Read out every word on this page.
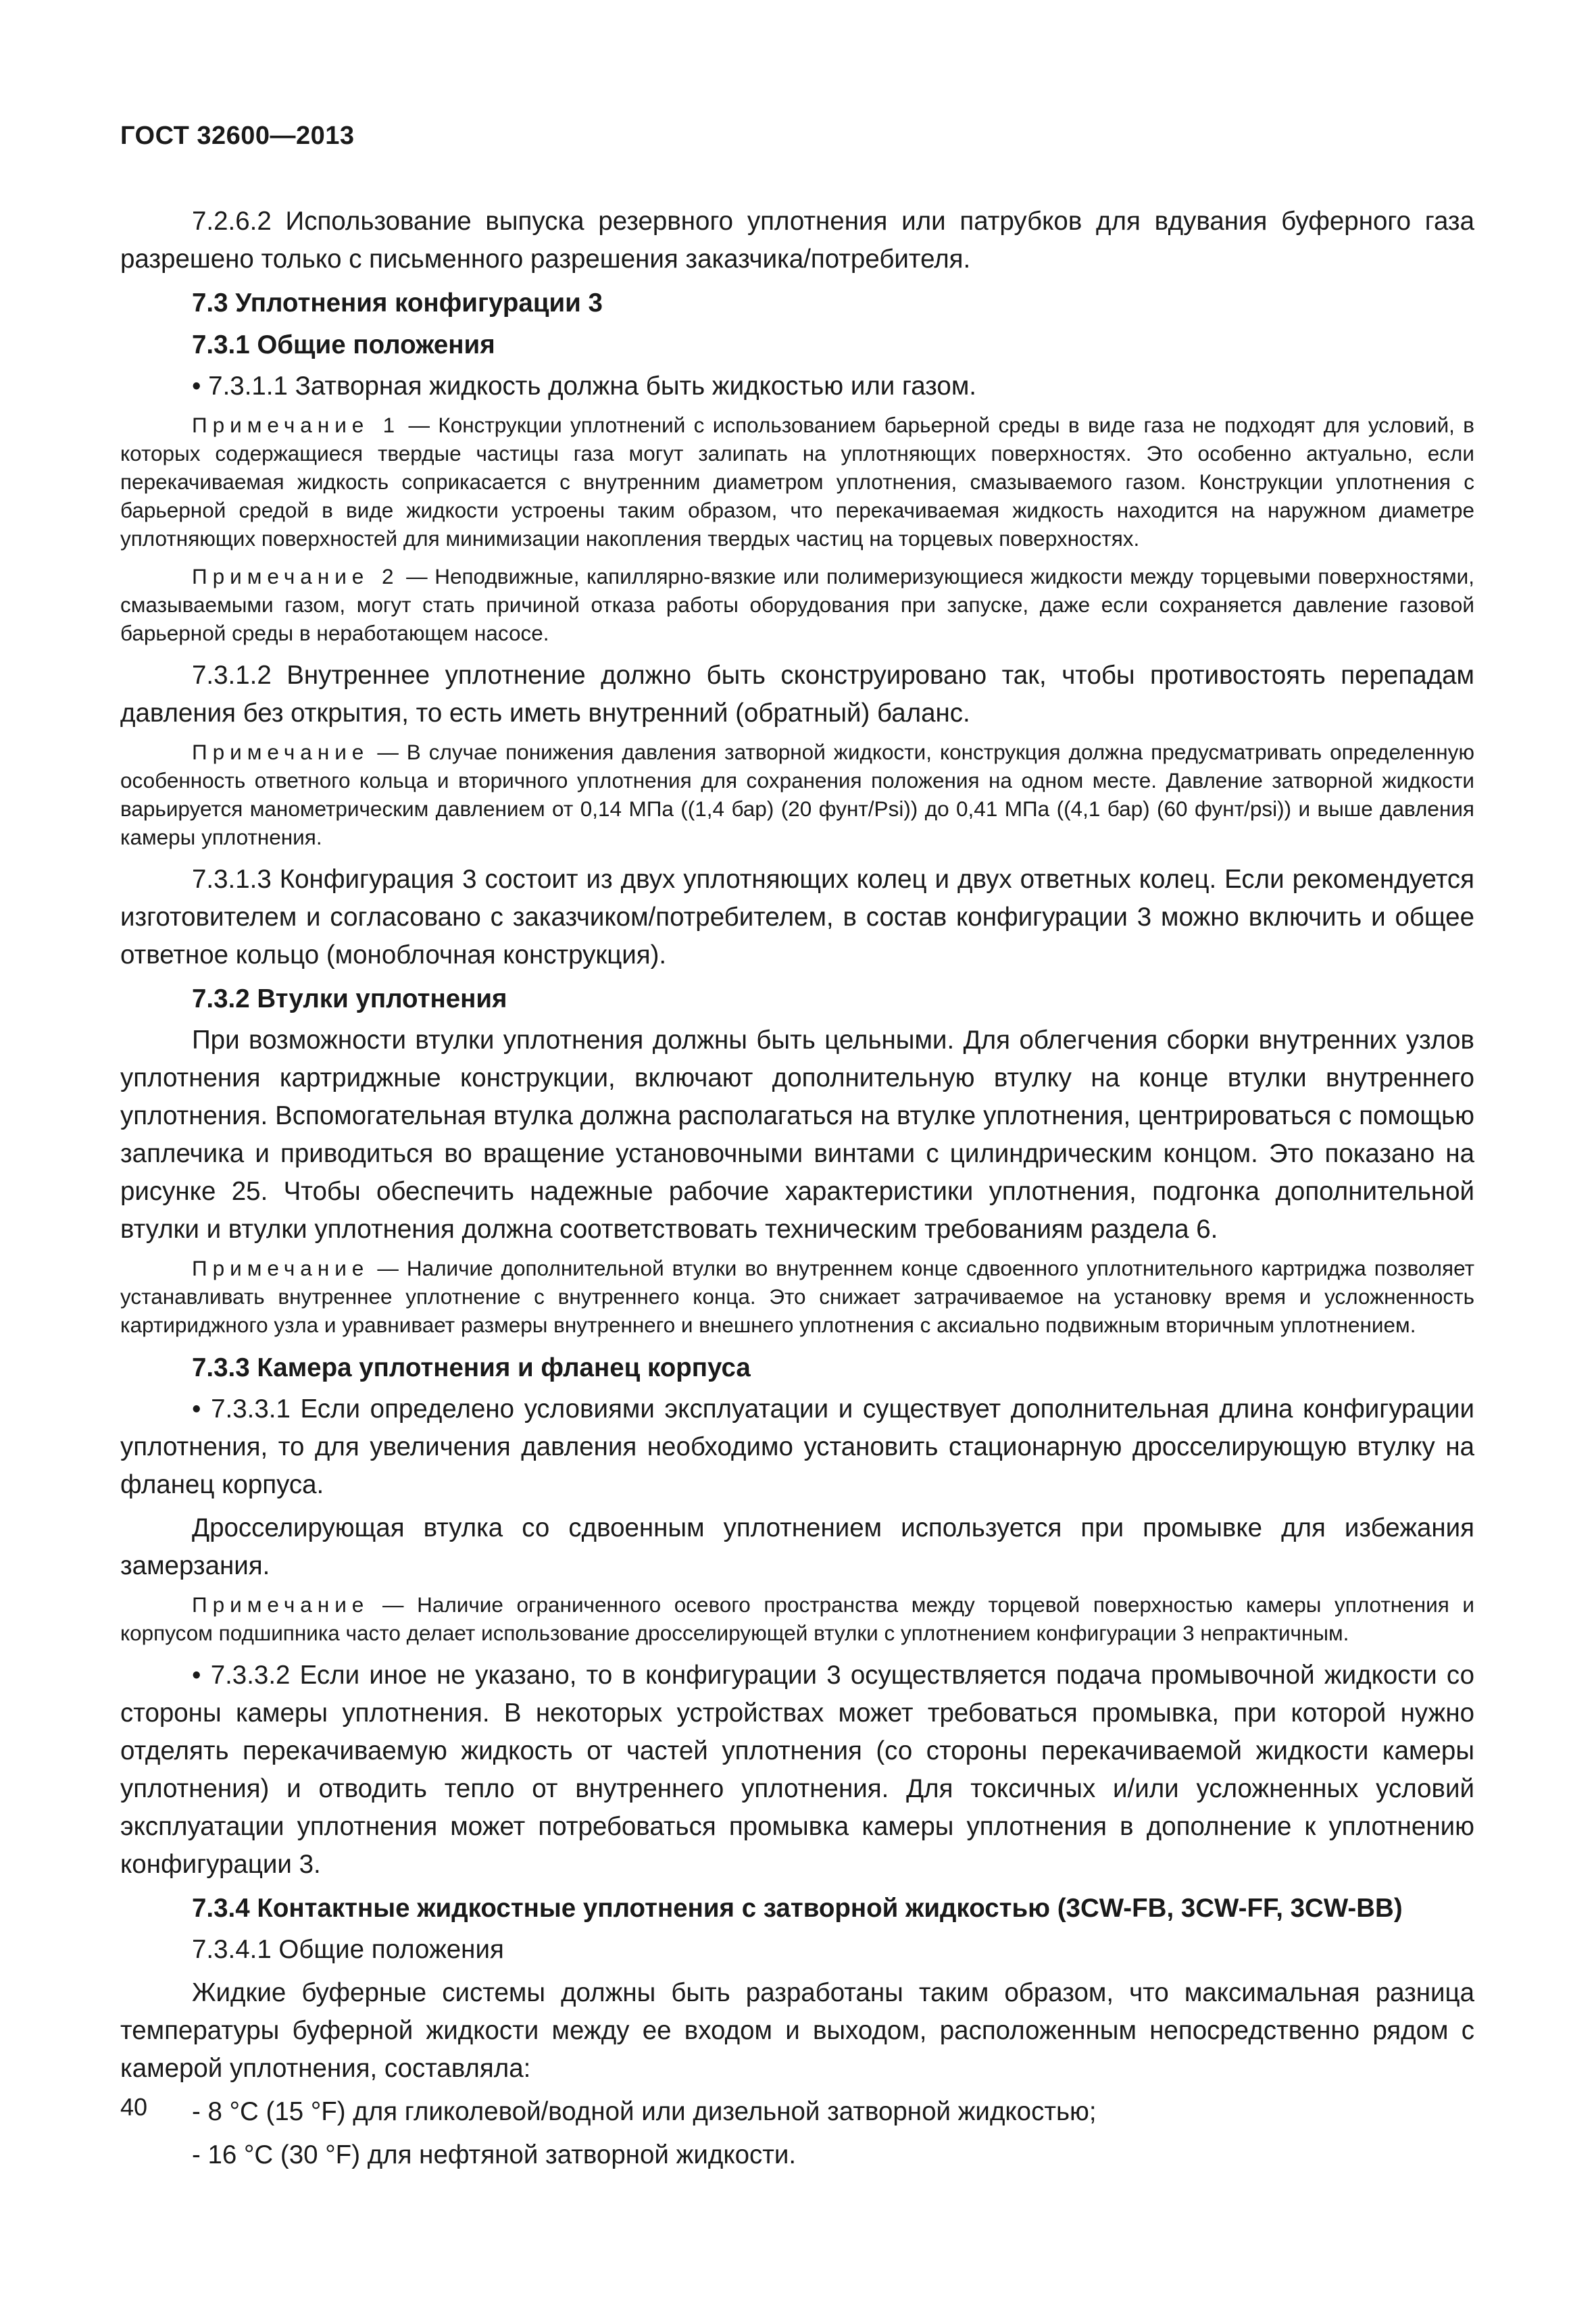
ГОСТ 32600—2013

7.2.6.2 Использование выпуска резервного уплотнения или патрубков для вдувания буферного газа разрешено только с письменного разрешения заказчика/потребителя.

7.3 Уплотнения конфигурации 3

7.3.1 Общие положения

• 7.3.1.1 Затворная жидкость должна быть жидкостью или газом.

Примечание 1 — Конструкции уплотнений с использованием барьерной среды в виде газа не подходят для условий, в которых содержащиеся твердые частицы газа могут залипать на уплотняющих поверхностях. Это особенно актуально, если перекачиваемая жидкость соприкасается с внутренним диаметром уплотнения, смазываемого газом. Конструкции уплотнения с барьерной средой в виде жидкости устроены таким образом, что перекачиваемая жидкость находится на наружном диаметре уплотняющих поверхностей для минимизации накопления твердых частиц на торцевых поверхностях.

Примечание 2 — Неподвижные, капиллярно-вязкие или полимеризующиеся жидкости между торцевыми поверхностями, смазываемыми газом, могут стать причиной отказа работы оборудования при запуске, даже если сохраняется давление газовой барьерной среды в неработающем насосе.

7.3.1.2 Внутреннее уплотнение должно быть сконструировано так, чтобы противостоять перепадам давления без открытия, то есть иметь внутренний (обратный) баланс.

Примечание — В случае понижения давления затворной жидкости, конструкция должна предусматривать определенную особенность ответного кольца и вторичного уплотнения для сохранения положения на одном месте. Давление затворной жидкости варьируется манометрическим давлением от 0,14 МПа ((1,4 бар) (20 фунт/Psi)) до 0,41 МПа ((4,1 бар) (60 фунт/psi)) и выше давления камеры уплотнения.

7.3.1.3 Конфигурация 3 состоит из двух уплотняющих колец и двух ответных колец. Если рекомендуется изготовителем и согласовано с заказчиком/потребителем, в состав конфигурации 3 можно включить и общее ответное кольцо (моноблочная конструкция).

7.3.2 Втулки уплотнения

При возможности втулки уплотнения должны быть цельными. Для облегчения сборки внутренних узлов уплотнения картриджные конструкции, включают дополнительную втулку на конце втулки внутреннего уплотнения. Вспомогательная втулка должна располагаться на втулке уплотнения, центрироваться с помощью заплечика и приводиться во вращение установочными винтами с цилиндрическим концом. Это показано на рисунке 25. Чтобы обеспечить надежные рабочие характеристики уплотнения, подгонка дополнительной втулки и втулки уплотнения должна соответствовать техническим требованиям раздела 6.

Примечание — Наличие дополнительной втулки во внутреннем конце сдвоенного уплотнительного картриджа позволяет устанавливать внутреннее уплотнение с внутреннего конца. Это снижает затрачиваемое на установку время и усложненность картириджного узла и уравнивает размеры внутреннего и внешнего уплотнения с аксиально подвижным вторичным уплотнением.

7.3.3 Камера уплотнения и фланец корпуса

• 7.3.3.1 Если определено условиями эксплуатации и существует дополнительная длина конфигурации уплотнения, то для увеличения давления необходимо установить стационарную дросселирующую втулку на фланец корпуса.

Дросселирующая втулка со сдвоенным уплотнением используется при промывке для избежания замерзания.

Примечание — Наличие ограниченного осевого пространства между торцевой поверхностью камеры уплотнения и корпусом подшипника часто делает использование дросселирующей втулки с уплотнением конфигурации 3 непрактичным.

• 7.3.3.2 Если иное не указано, то в конфигурации 3 осуществляется подача промывочной жидкости со стороны камеры уплотнения. В некоторых устройствах может требоваться промывка, при которой нужно отделять перекачиваемую жидкость от частей уплотнения (со стороны перекачиваемой жидкости камеры уплотнения) и отводить тепло от внутреннего уплотнения. Для токсичных и/или усложненных условий эксплуатации уплотнения может потребоваться промывка камеры уплотнения в дополнение к уплотнению конфигурации 3.

7.3.4 Контактные жидкостные уплотнения с затворной жидкостью (3CW-FB, 3CW-FF, 3CW-BB)

7.3.4.1 Общие положения

Жидкие буферные системы должны быть разработаны таким образом, что максимальная разница температуры буферной жидкости между ее входом и выходом, расположенным непосредственно рядом с камерой уплотнения, составляла:

- 8 °С (15 °F) для гликолевой/водной или дизельной затворной жидкостью;

- 16 °С (30 °F) для нефтяной затворной жидкости.

40
